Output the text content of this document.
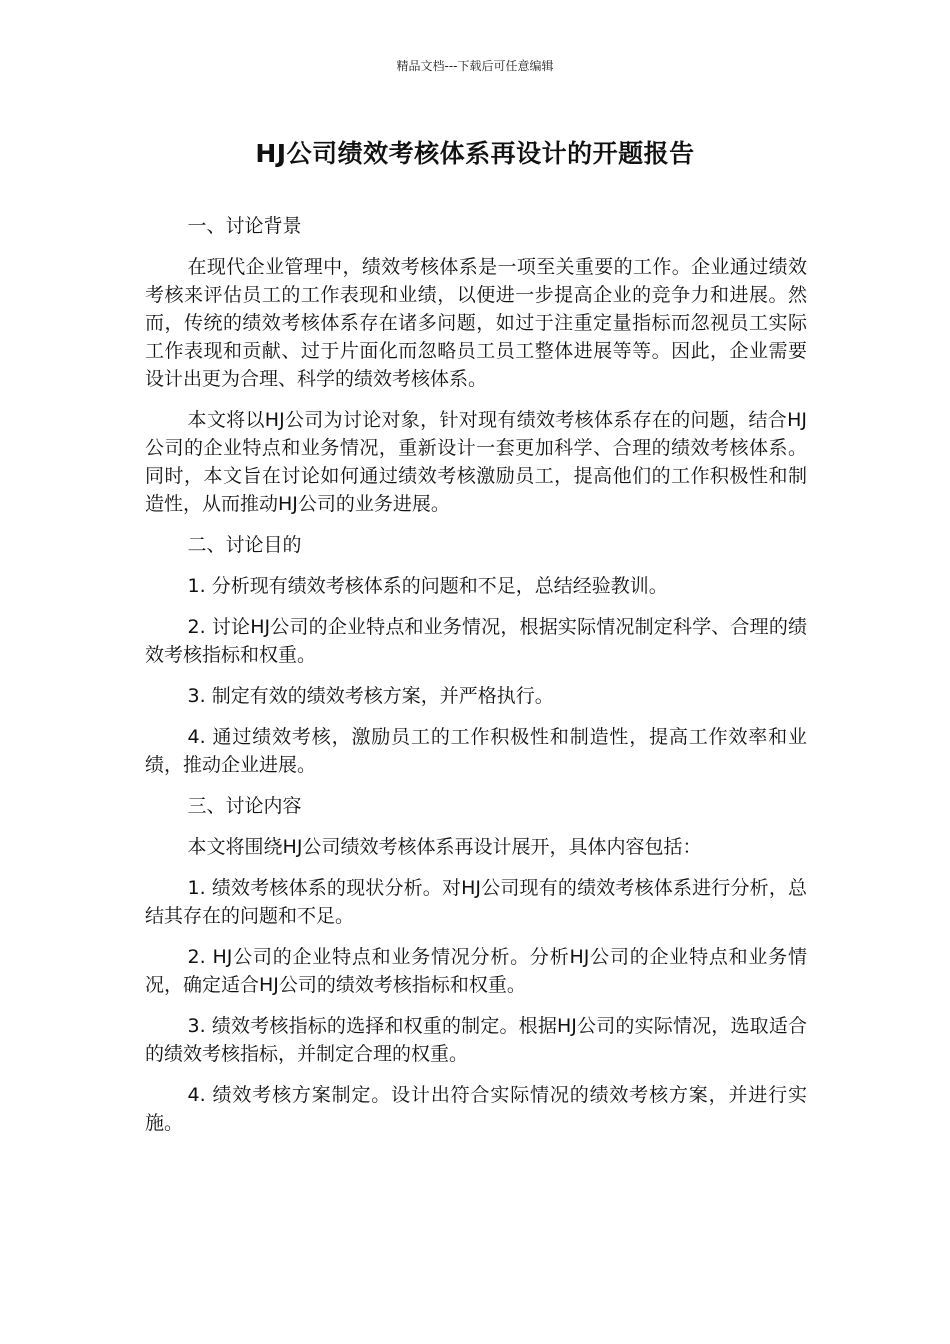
精品文档---下载后可任意编辑
HJ公司绩效考核体系再设计的开题报告

一、讨论背景

在现代企业管理中，绩效考核体系是一项至关重要的工作。企业通过绩效考核来评估员工的工作表现和业绩，以便进一步提高企业的竞争力和进展。然而，传统的绩效考核体系存在诸多问题，如过于注重定量指标而忽视员工实际工作表现和贡献、过于片面化而忽略员工员工整体进展等等。因此，企业需要设计出更为合理、科学的绩效考核体系。

本文将以HJ公司为讨论对象，针对现有绩效考核体系存在的问题，结合HJ公司的企业特点和业务情况，重新设计一套更加科学、合理的绩效考核体系。同时，本文旨在讨论如何通过绩效考核激励员工，提高他们的工作积极性和制造性，从而推动HJ公司的业务进展。

二、讨论目的

1. 分析现有绩效考核体系的问题和不足，总结经验教训。

2. 讨论HJ公司的企业特点和业务情况，根据实际情况制定科学、合理的绩效考核指标和权重。

3. 制定有效的绩效考核方案，并严格执行。

4. 通过绩效考核，激励员工的工作积极性和制造性，提高工作效率和业绩，推动企业进展。

三、讨论内容

本文将围绕HJ公司绩效考核体系再设计展开，具体内容包括：

1. 绩效考核体系的现状分析。对HJ公司现有的绩效考核体系进行分析，总结其存在的问题和不足。

2. HJ公司的企业特点和业务情况分析。分析HJ公司的企业特点和业务情况，确定适合HJ公司的绩效考核指标和权重。

3. 绩效考核指标的选择和权重的制定。根据HJ公司的实际情况，选取适合的绩效考核指标，并制定合理的权重。

4. 绩效考核方案制定。设计出符合实际情况的绩效考核方案，并进行实施。
